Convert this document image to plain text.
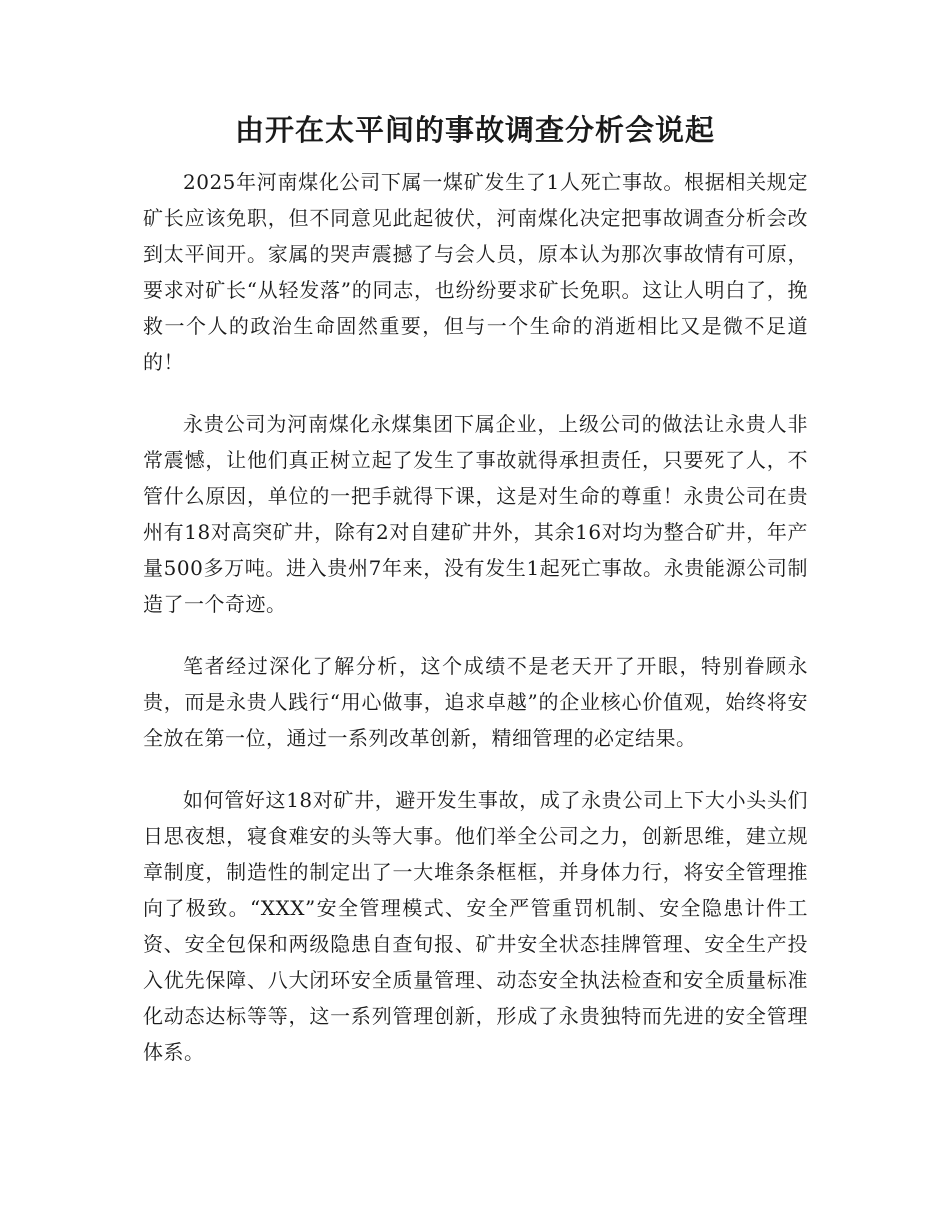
由开在太平间的事故调查分析会说起

2025年河南煤化公司下属一煤矿发生了1人死亡事故。根据相关规定矿长应该免职，但不同意见此起彼伏，河南煤化决定把事故调查分析会改到太平间开。家属的哭声震撼了与会人员，原本认为那次事故情有可原，要求对矿长“从轻发落”的同志，也纷纷要求矿长免职。这让人明白了，挽救一个人的政治生命固然重要，但与一个生命的消逝相比又是微不足道的！

永贵公司为河南煤化永煤集团下属企业，上级公司的做法让永贵人非常震憾，让他们真正树立起了发生了事故就得承担责任，只要死了人，不管什么原因，单位的一把手就得下课，这是对生命的尊重！永贵公司在贵州有18对高突矿井，除有2对自建矿井外，其余16对均为整合矿井，年产量500多万吨。进入贵州7年来，没有发生1起死亡事故。永贵能源公司制造了一个奇迹。

笔者经过深化了解分析，这个成绩不是老天开了开眼，特别眷顾永贵，而是永贵人践行“用心做事，追求卓越”的企业核心价值观，始终将安全放在第一位，通过一系列改革创新，精细管理的必定结果。

如何管好这18对矿井，避开发生事故，成了永贵公司上下大小头头们日思夜想，寝食难安的头等大事。他们举全公司之力，创新思维，建立规章制度，制造性的制定出了一大堆条条框框，并身体力行，将安全管理推向了极致。“XXX”安全管理模式、安全严管重罚机制、安全隐患计件工资、安全包保和两级隐患自查旬报、矿井安全状态挂牌管理、安全生产投入优先保障、八大闭环安全质量管理、动态安全执法检查和安全质量标准化动态达标等等，这一系列管理创新，形成了永贵独特而先进的安全管理体系。
